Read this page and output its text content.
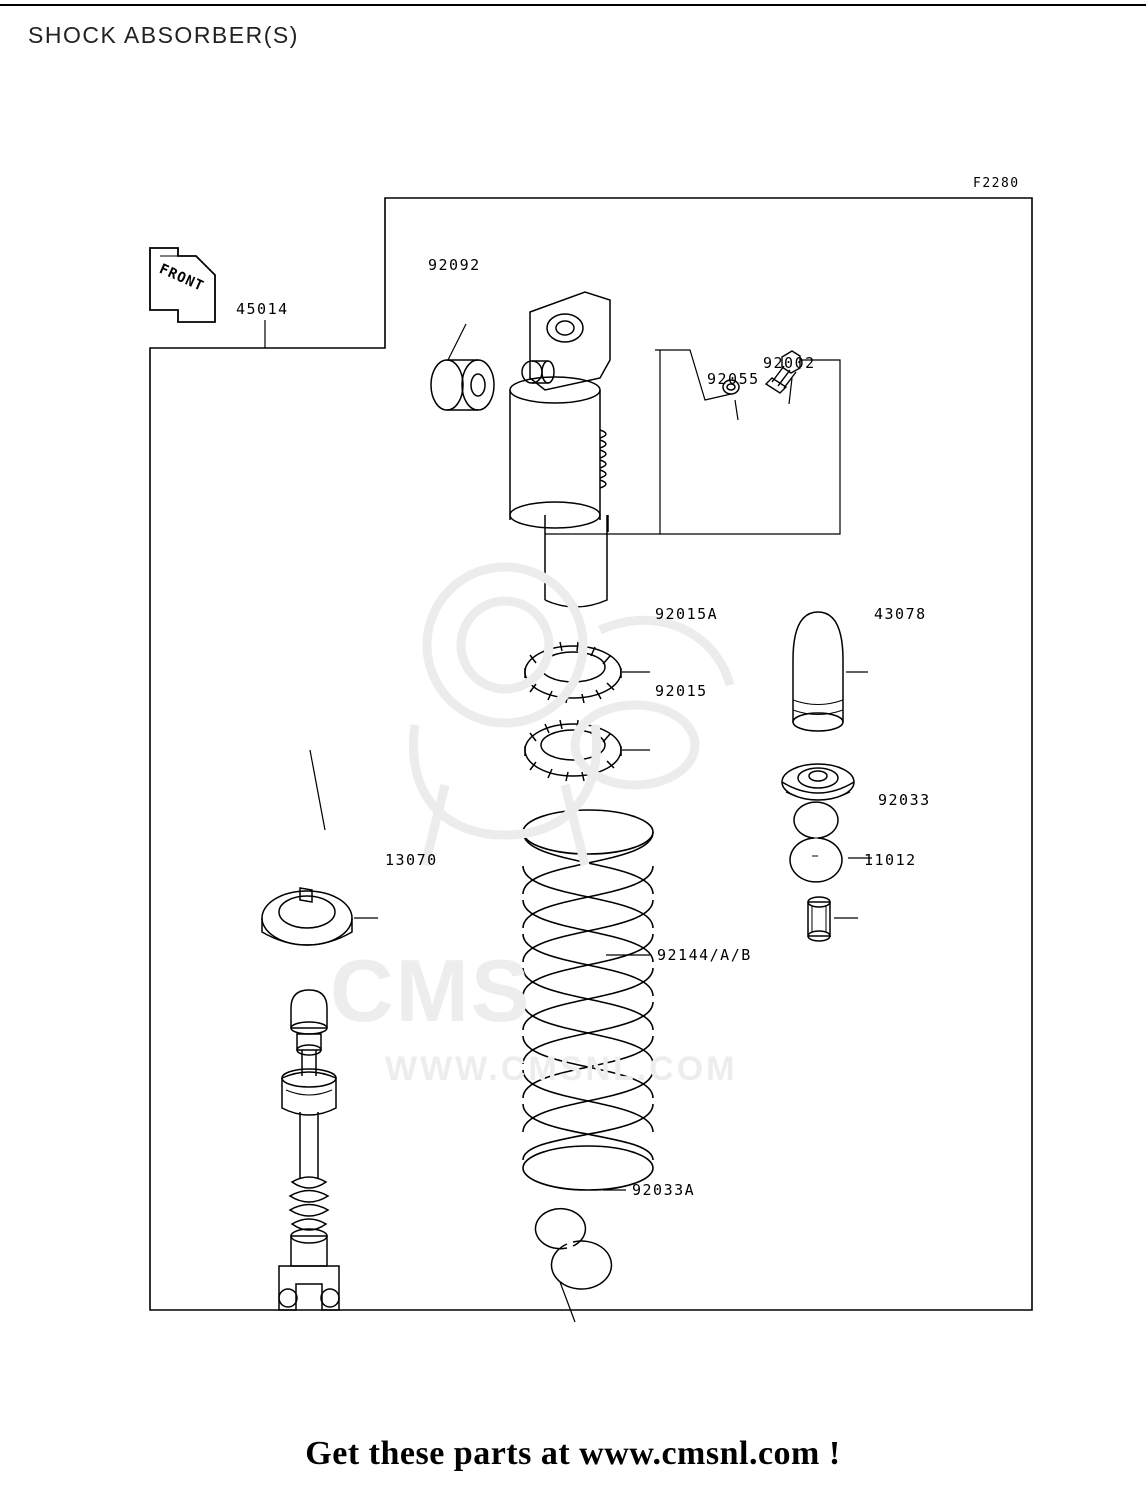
SHOCK ABSORBER(S)
F2280
CMS
WWW.CMSNL.COM
FRONT
45014
92092
92055
92002
92015A	43078
92015
92033
13070	11012
92144/A/B
92033A
Get these parts at www.cmsnl.com !
